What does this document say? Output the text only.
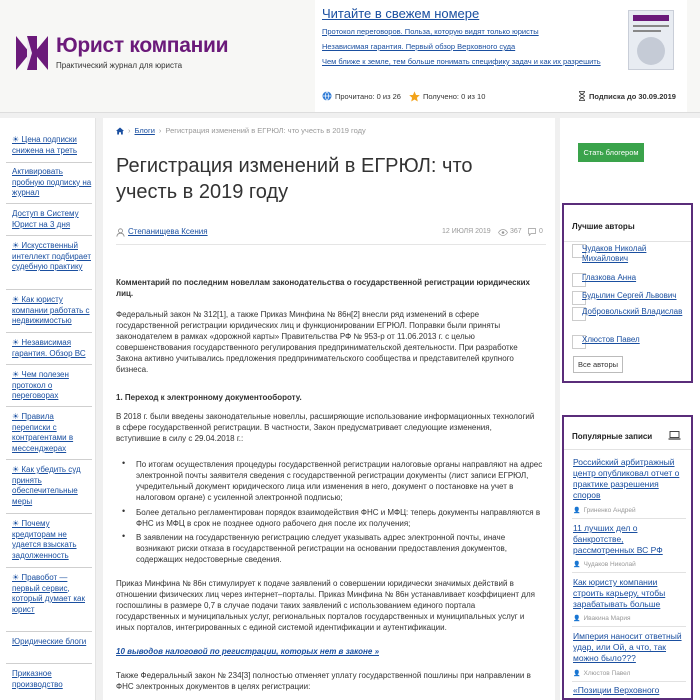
Юрист компании
Практический журнал для юриста
Читайте в свежем номере
Протокол переговоров. Польза, которую видят только юристы
Независимая гарантия. Первый обзор Верховного суда
Чем ближе к земле, тем больше понимать специфику задач и как их разрешить
Прочитано: 0 из 26	Получено: 0 из 10	Подписка до 30.09.2019
☀ Цена подписки снижена на треть
Активировать пробную подписку на журнал
Доступ в Систему Юрист на 3 дня
☀ Искусственный интеллект подбирает судебную практику
☀ Как юристу компании работать с недвижимостью
☀ Независимая гарантия. Обзор ВС
☀ Чем полезен протокол о переговорах
☀ Правила переписки с контрагентами в мессенджерах
☀ Как убедить суд принять обеспечительные меры
☀ Почему кредиторам не удается взыскать задолженность
☀ Правобот — первый сервис, который думает как юрист
Юридические блоги
Приказное производство
› Блоги › Регистрация изменений в ЕГРЮЛ: что учесть в 2019 году
Регистрация изменений в ЕГРЮЛ: что учесть в 2019 году
Степанищева Ксения	12 ИЮЛЯ 2019	367 0
Комментарий по последним новеллам законодательства о государственной регистрации юридических лиц.
Федеральный закон № 312[1], а также Приказ Минфина № 86н[2] внесли ряд изменений в сфере государственной регистрации юридических лиц и функционировании ЕГРЮЛ. Поправки были приняты законодателем в рамках «дорожной карты» Правительства РФ № 953-р от 11.06.2013 г. с целью совершенствования государственного регулирования предпринимательской деятельности. При разработке Закона активно учитывались предложения предпринимательского сообщества и представителей крупного бизнеса.
1. Переход к электронному документообороту.
В 2018 г. были введены законодательные новеллы, расширяющие использование информационных технологий в сфере государственной регистрации. В частности, Закон предусматривает следующие изменения, вступившие в силу с 29.04.2018 г.:
•	По итогам осуществления процедуры государственной регистрации налоговые органы направляют на адрес электронной почты заявителя сведения с государственной регистрации документы (лист записи ЕГРЮЛ, учредительный документ юридического лица или изменения в него, документ о постановке на учет в налоговом органе) с усиленной электронной подписью;
•	Более детально регламентирован порядок взаимодействия ФНС и МФЦ: теперь документы направляются в ФНС из МФЦ в срок не позднее одного рабочего дня после их получения;
•	В заявлении на государственную регистрацию следует указывать адрес электронной почты, иначе возникают риски отказа в государственной регистрации на основании предоставления документов, содержащих недостоверные сведения.
Приказ Минфина № 86н стимулирует к подаче заявлений о совершении юридически значимых действий в отношении физических лиц через интернет–порталы. Приказ Минфина № 86н устанавливает коэффициент для госпошлины в размере 0,7 в случае подачи таких заявлений с использованием единого портала государственных и муниципальных услуг, региональных порталов государственных и муниципальных услуг и иных порталов, интегрированных с единой системой идентификации и аутентификации.
10 выводов налоговой по регистрации, которых нет в законе »
Также Федеральный закон № 234[3] полностью отменяет уплату государственной пошлины при направлении в ФНС электронных документов в целях регистрации:
Стать блогером
Лучшие авторы
Чудаков Николай Михайлович
Глазкова Анна
Будылин Сергей Львович
Добровольский Владислав
Хлюстов Павел
Все авторы
Популярные записи
Российский арбитражный центр опубликовал отчет о практике разрешения споров
👤 Гриненко Андрей
11 лучших дел о банкротстве, рассмотренных ВС РФ
👤 Чудаков Николай
Как юристу компании строить карьеру, чтобы зарабатывать больше
👤 Ивакина Мария
Империя наносит ответный удар, или Ой, а что, так можно было???
👤 Хлюстов Павел
«Позиции Верховного
